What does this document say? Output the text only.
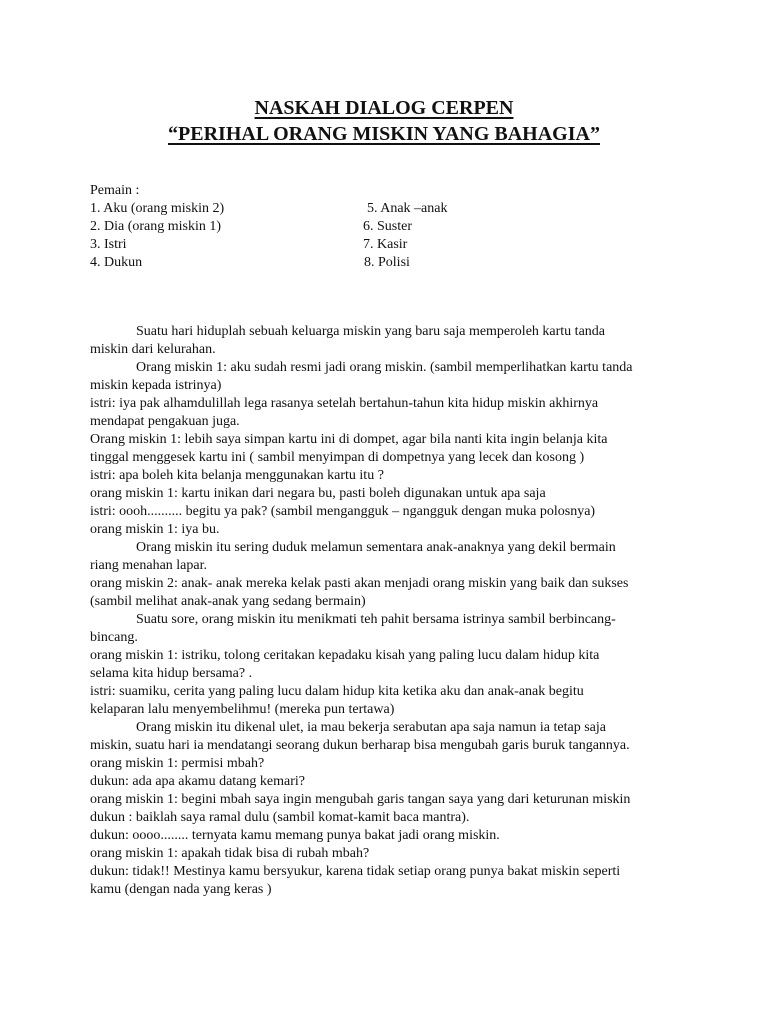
NASKAH DIALOG CERPEN
“PERIHAL ORANG MISKIN YANG BAHAGIA”
Pemain :
1. Aku (orang miskin 2)
2. Dia (orang miskin 1)
3. Istri
4. Dukun
5. Anak –anak
6. Suster
7. Kasir
8. Polisi
Suatu hari hiduplah sebuah keluarga miskin yang baru saja memperoleh kartu tanda
miskin dari kelurahan.
Orang miskin 1: aku sudah resmi jadi orang miskin. (sambil memperlihatkan kartu tanda
miskin kepada istrinya)
istri: iya pak alhamdulillah lega rasanya setelah bertahun-tahun kita hidup miskin akhirnya
mendapat pengakuan juga.
Orang miskin 1: lebih saya simpan kartu ini di dompet, agar bila nanti kita ingin belanja kita
tinggal menggesek kartu ini ( sambil menyimpan di dompetnya yang lecek dan kosong )
istri: apa boleh kita belanja menggunakan kartu itu ?
orang miskin 1: kartu inikan dari negara bu, pasti boleh digunakan untuk apa saja
istri: oooh.......... begitu ya pak? (sambil mengangguk – ngangguk dengan muka polosnya)
orang miskin 1: iya bu.
Orang miskin itu sering duduk melamun sementara anak-anaknya yang dekil bermain
riang menahan lapar.
orang miskin 2: anak- anak mereka kelak pasti akan menjadi orang miskin yang baik dan sukses
(sambil melihat anak-anak yang sedang bermain)
Suatu sore, orang miskin itu menikmati teh pahit bersama istrinya sambil berbincang-
bincang.
orang miskin 1: istriku, tolong ceritakan kepadaku kisah yang paling lucu dalam hidup kita
selama kita hidup bersama? .
istri: suamiku, cerita yang paling lucu dalam hidup kita ketika aku dan anak-anak begitu
kelaparan lalu menyembelihmu! (mereka pun tertawa)
Orang miskin itu dikenal ulet, ia mau bekerja serabutan apa saja namun ia tetap saja
miskin, suatu hari ia mendatangi seorang dukun berharap bisa mengubah garis buruk tangannya.
orang miskin 1: permisi mbah?
dukun: ada apa akamu datang kemari?
orang miskin 1: begini mbah saya ingin mengubah garis tangan saya yang dari keturunan miskin
dukun : baiklah saya ramal dulu (sambil komat-kamit baca mantra).
dukun: oooo........ ternyata kamu memang punya bakat jadi orang miskin.
orang miskin 1: apakah tidak bisa di rubah mbah?
dukun: tidak!! Mestinya kamu bersyukur, karena tidak setiap orang punya bakat miskin seperti
kamu (dengan nada yang keras )
